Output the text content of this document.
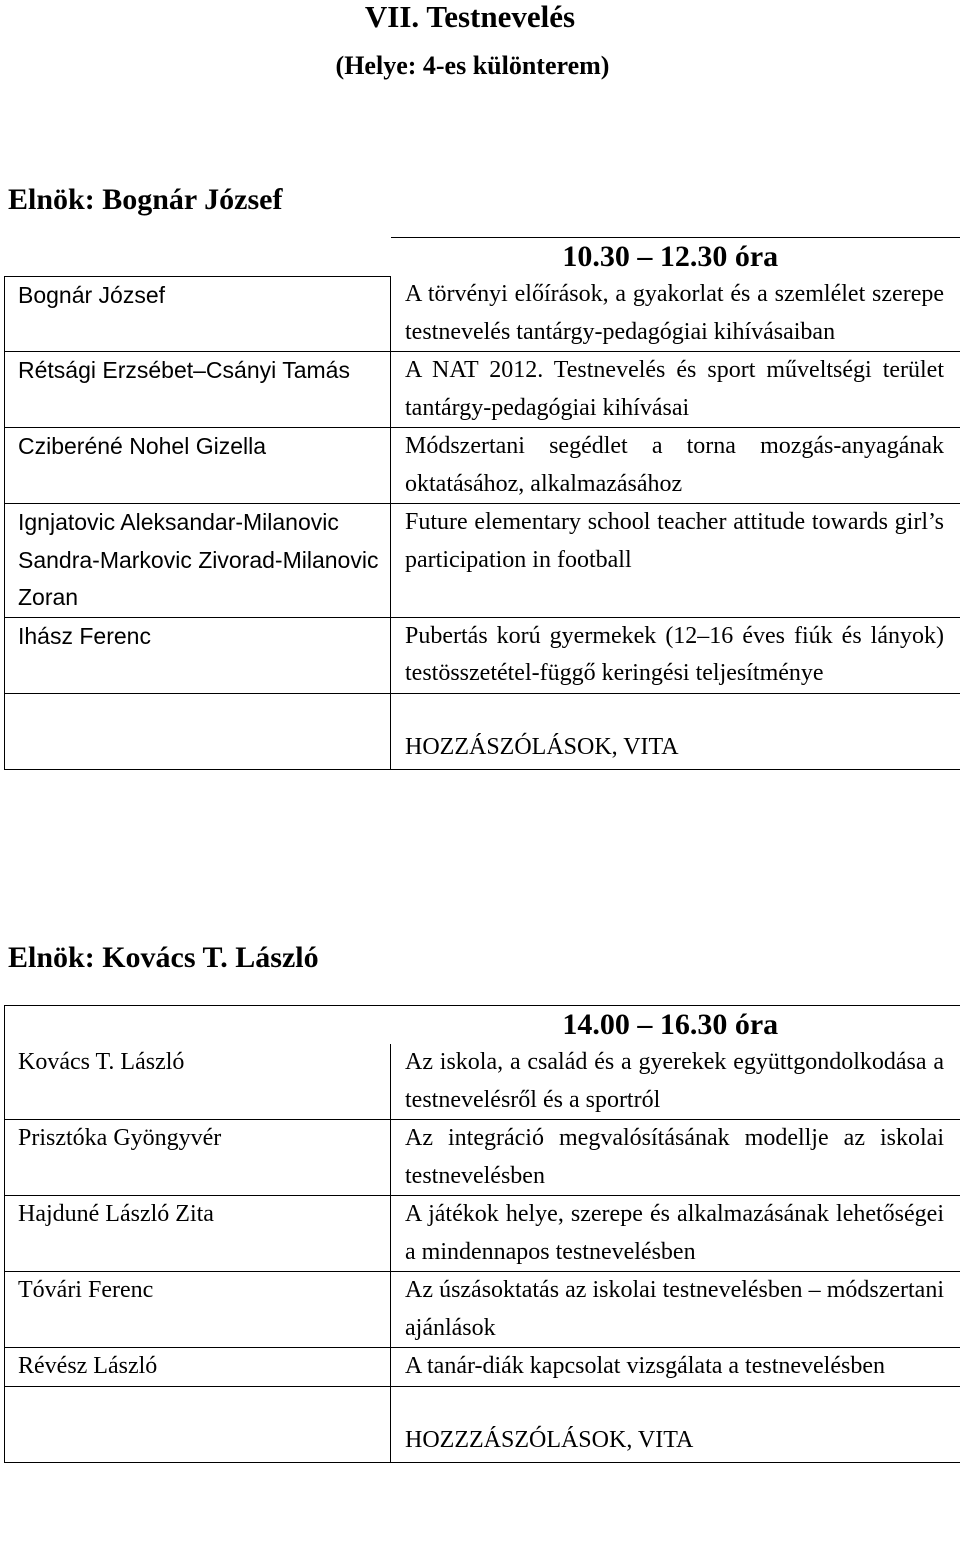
VII. Testnevelés
(Helye: 4-es különterem)
Elnök: Bognár József
	10.30 – 12.30 óra
Bognár József	A törvényi előírások, a gyakorlat és a szemlélet szerepe testnevelés tantárgy-pedagógiai kihívásaiban
Rétsági Erzsébet–Csányi Tamás	A NAT 2012. Testnevelés és sport műveltségi terület tantárgy-pedagógiai kihívásai
Cziberéné Nohel Gizella	Módszertani segédlet a torna mozgás-anyagának oktatásához, alkalmazásához
Ignjatovic Aleksandar-Milanovic Sandra-Markovic Zivorad-Milanovic Zoran	Future elementary school teacher attitude towards girl’s participation in football
Ihász Ferenc	Pubertás korú gyermekek (12–16 éves fiúk és lányok) testösszetétel-függő keringési teljesítménye
	HOZZÁSZÓLÁSOK, VITA
Elnök: Kovács T. László
	14.00 – 16.30 óra
Kovács T. László	Az iskola, a család és a gyerekek együttgondolkodása a testnevelésről és a sportról
Prisztóka Gyöngyvér	Az integráció megvalósításának modellje az iskolai testnevelésben
Hajduné László Zita	A játékok helye, szerepe és alkalmazásának lehetőségei a mindennapos testnevelésben
Tóvári Ferenc	Az úszásoktatás az iskolai testnevelésben – módszertani ajánlások
Révész László	A tanár-diák kapcsolat vizsgálata a testnevelésben
	HOZZZÁSZÓLÁSOK, VITA
